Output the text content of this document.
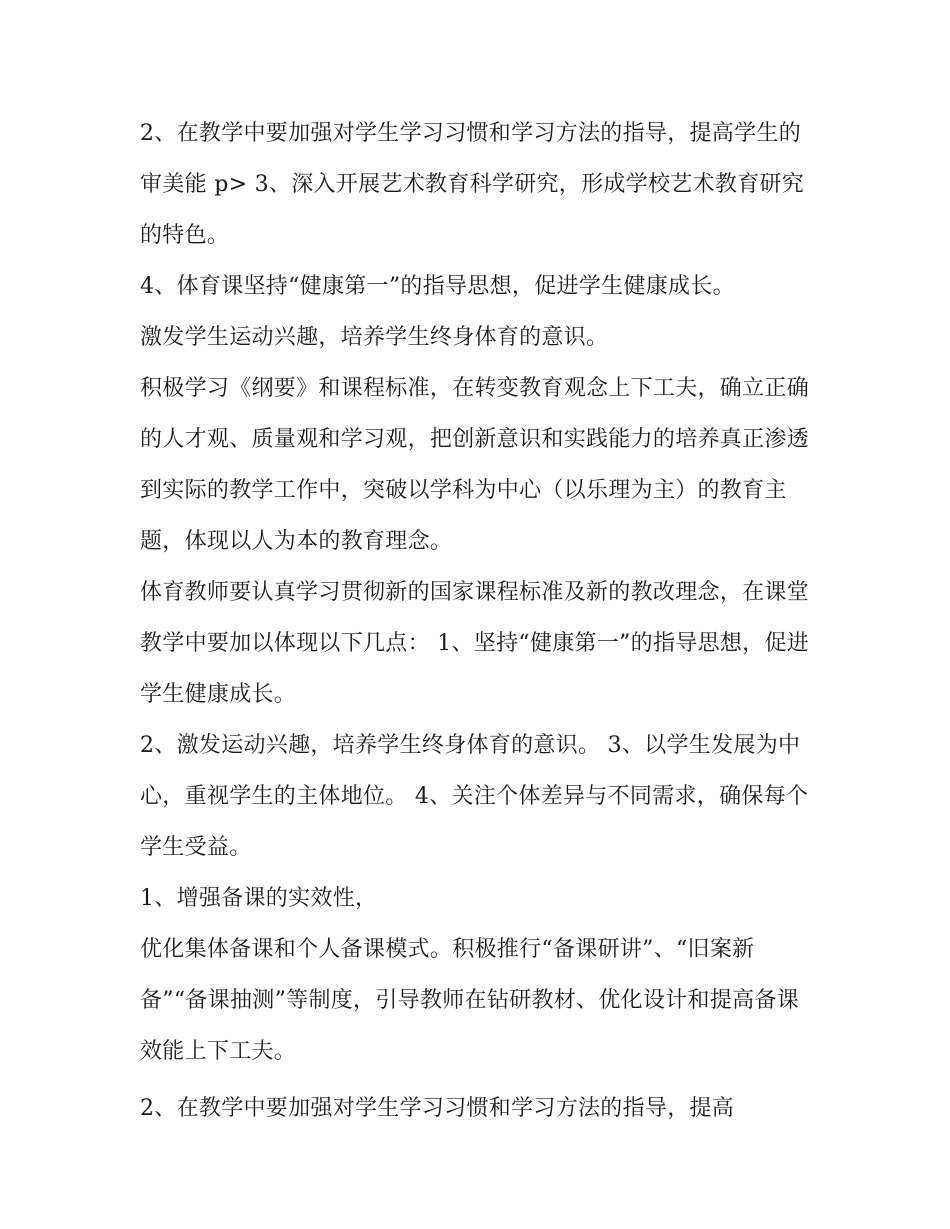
2、在教学中要加强对学生学习习惯和学习方法的指导，提高学生的审美能 p> 3、深入开展艺术教育科学研究，形成学校艺术教育研究的特色。

4、体育课坚持“健康第一”的指导思想，促进学生健康成长。

激发学生运动兴趣，培养学生终身体育的意识。

积极学习《纲要》和课程标准，在转变教育观念上下工夫，确立正确的人才观、质量观和学习观，把创新意识和实践能力的培养真正渗透到实际的教学工作中，突破以学科为中心（以乐理为主）的教育主题，体现以人为本的教育理念。

体育教师要认真学习贯彻新的国家课程标准及新的教改理念，在课堂教学中要加以体现以下几点： 1、坚持“健康第一”的指导思想，促进学生健康成长。

2、激发运动兴趣，培养学生终身体育的意识。 3、以学生发展为中心，重视学生的主体地位。 4、关注个体差异与不同需求，确保每个学生受益。

1、增强备课的实效性，

优化集体备课和个人备课模式。积极推行“备课研讲”、“旧案新备”“备课抽测”等制度，引导教师在钻研教材、优化设计和提高备课效能上下工夫。

2、在教学中要加强对学生学习习惯和学习方法的指导，提高
